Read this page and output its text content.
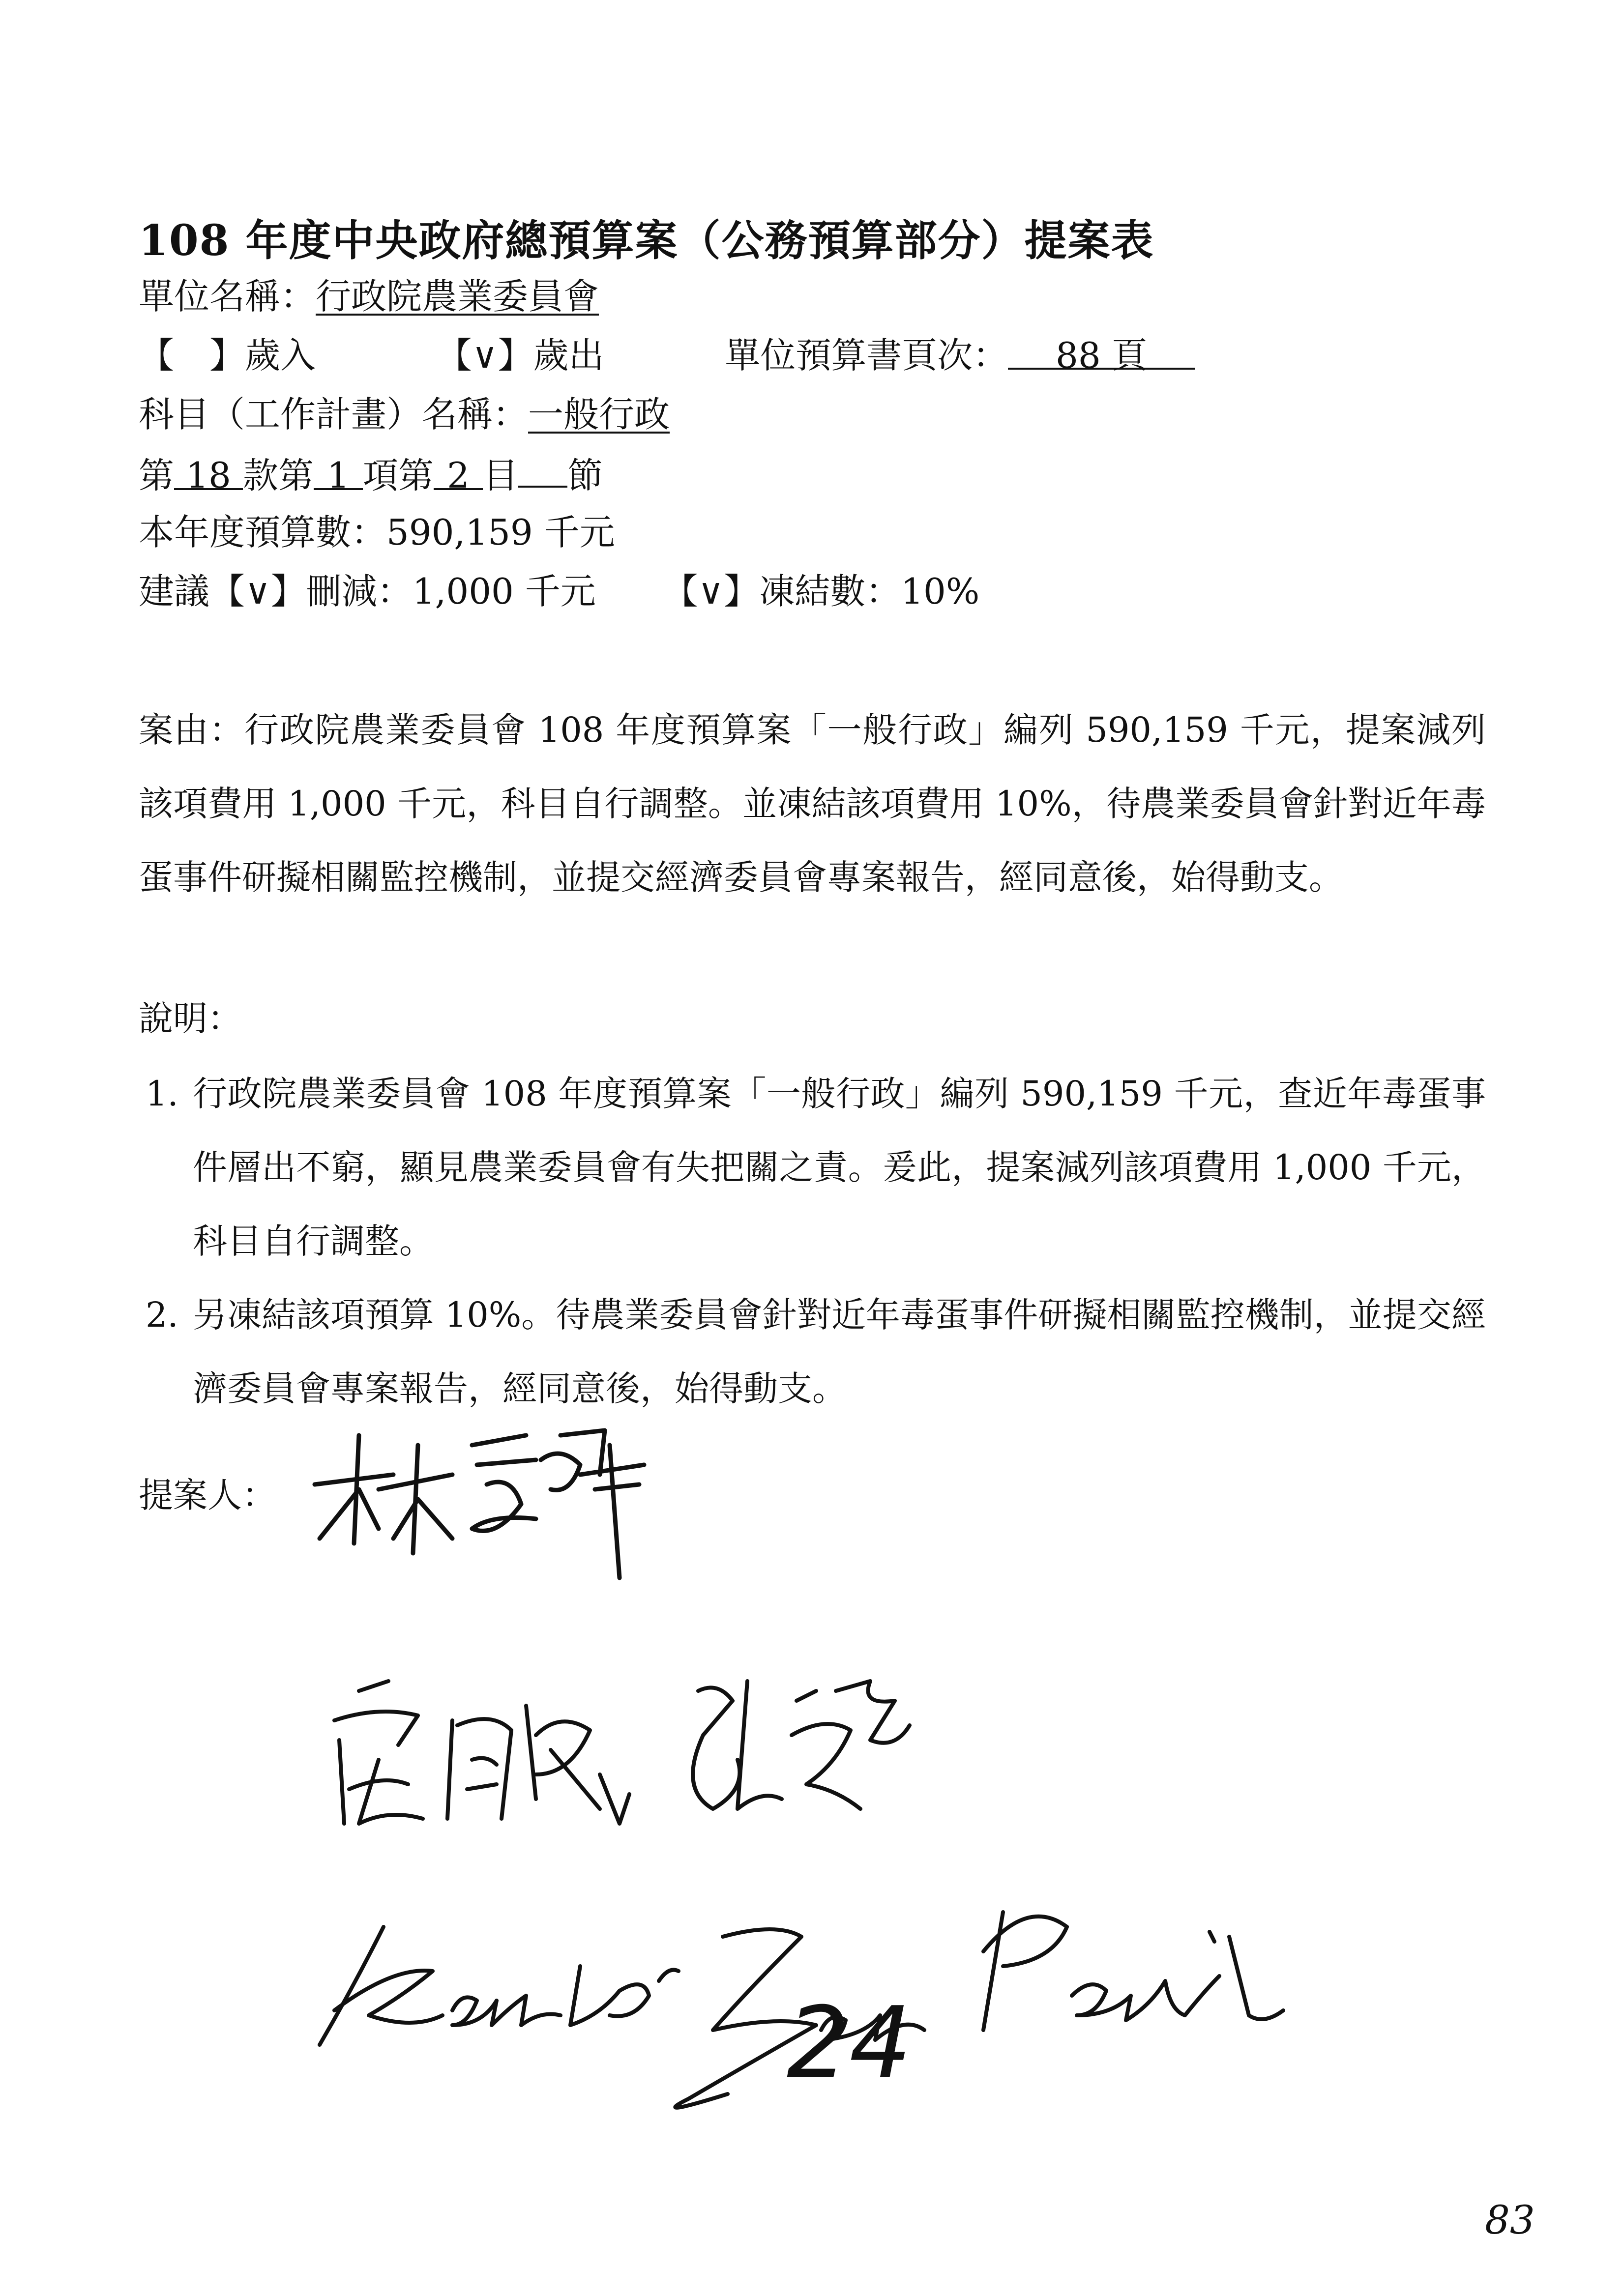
108 年度中央政府總預算案（公務預算部分）提案表
單位名稱：行政院農業委員會
【　】歲入	【∨】歲出	單位預算書頁次： 88 頁
科目（工作計畫）名稱：一般行政
第 18 款第 1 項第 2 目 節
本年度預算數：590,159 千元
建議【∨】刪減：1,000 千元 【∨】凍結數：10%
案由：行政院農業委員會 108 年度預算案「一般行政」編列 590,159 千元，提案減列該項費用 1,000 千元，科目自行調整。並凍結該項費用 10%，待農業委員會針對近年毒蛋事件研擬相關監控機制，並提交經濟委員會專案報告，經同意後，始得動支。
說明：
1. 行政院農業委員會 108 年度預算案「一般行政」編列 590,159 千元，查近年毒蛋事件層出不窮，顯見農業委員會有失把關之責。爰此，提案減列該項費用 1,000 千元，科目自行調整。
2. 另凍結該項預算 10%。待農業委員會針對近年毒蛋事件研擬相關監控機制，並提交經濟委員會專案報告，經同意後，始得動支。
提案人：
24
83
